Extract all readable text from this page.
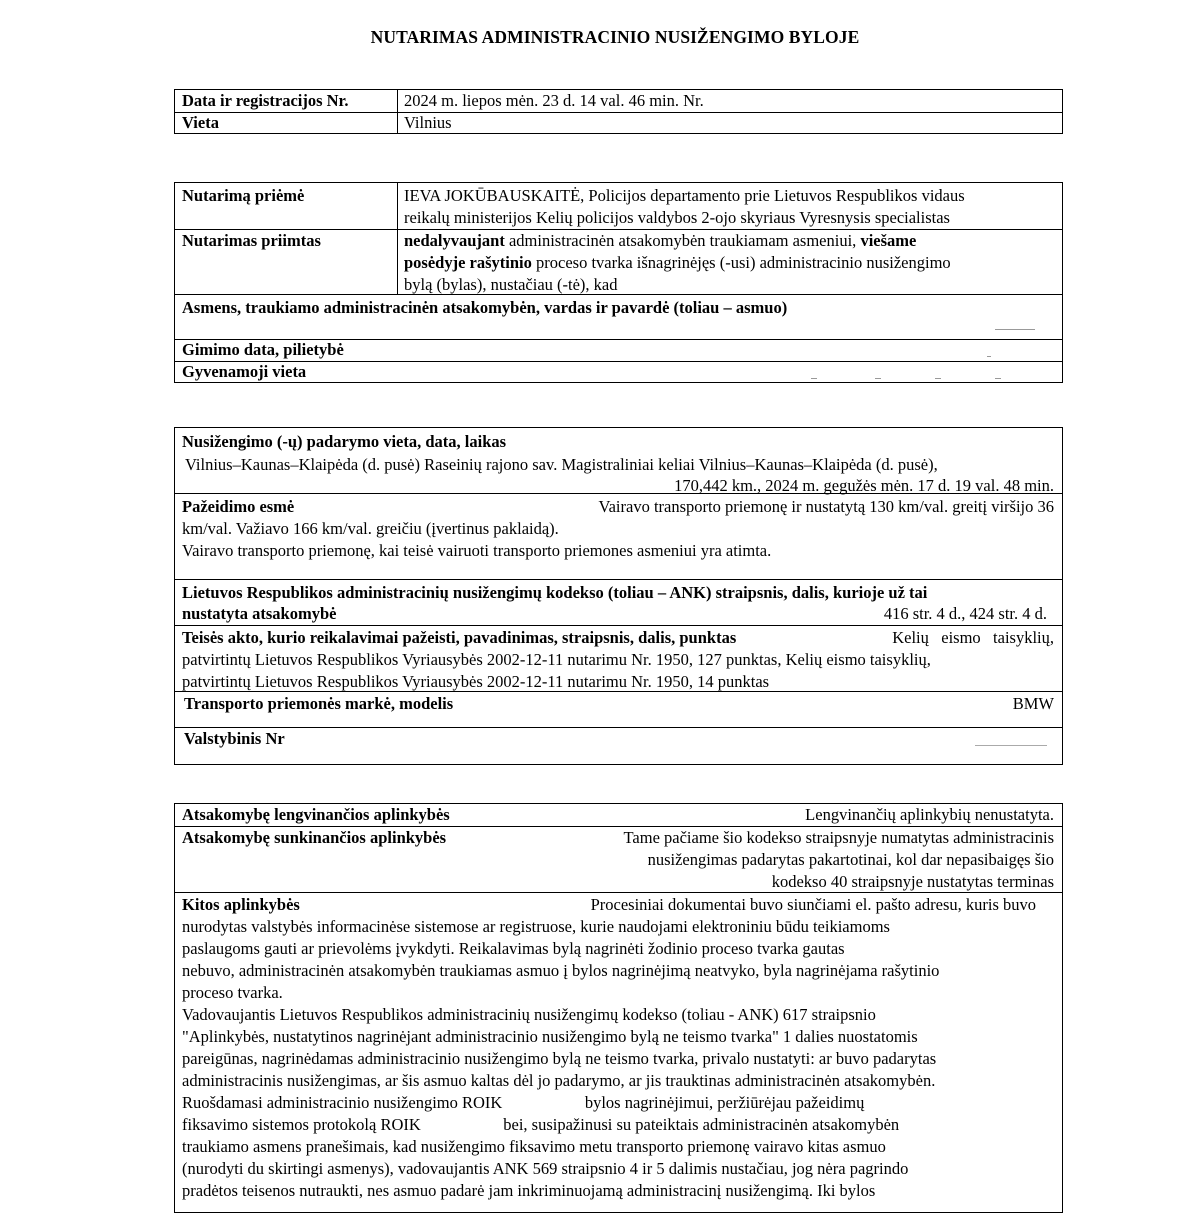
NUTARIMAS ADMINISTRACINIO NUSIŽENGIMO BYLOJE
Data ir registracijos Nr.	2024 m. liepos mėn. 23 d. 14 val. 46 min. Nr.
Vieta	Vilnius
Nutarimą priėmė	IEVA JOKŪBAUSKAITĖ, Policijos departamento prie Lietuvos Respublikos vidaus
reikalų ministerijos Kelių policijos valdybos 2-ojo skyriaus Vyresnysis specialistas
Nutarimas priimtas	nedalyvaujant administracinėn atsakomybėn traukiamam asmeniui, viešame
posėdyje rašytinio proceso tvarka išnagrinėjęs (-usi) administracinio nusižengimo
bylą (bylas), nustačiau (-tė), kad
Asmens, traukiamo administracinėn atsakomybėn, vardas ir pavardė (toliau – asmuo)
Gimimo data, pilietybė
Gyvenamoji vieta
Nusižengimo (-ų) padarymo vieta, data, laikas
Vilnius–Kaunas–Klaipėda (d. pusė) Raseinių rajono sav. Magistraliniai keliai Vilnius–Kaunas–Klaipėda (d. pusė),
170,442 km., 2024 m. gegužės mėn. 17 d. 19 val. 48 min.
Pažeidimo esmė	Vairavo transporto priemonę ir nustatytą 130 km/val. greitį viršijo 36
km/val. Važiavo 166 km/val. greičiu (įvertinus paklaidą).
Vairavo transporto priemonę, kai teisė vairuoti transporto priemones asmeniui yra atimta.
Lietuvos Respublikos administracinių nusižengimų kodekso (toliau – ANK) straipsnis, dalis, kurioje už tai
nustatyta atsakomybė	416 str. 4 d., 424 str. 4 d.
Teisės akto, kurio reikalavimai pažeisti, pavadinimas, straipsnis, dalis, punktas	Kelių   eismo   taisyklių,
patvirtintų Lietuvos Respublikos Vyriausybės 2002-12-11 nutarimu Nr. 1950, 127 punktas, Kelių eismo taisyklių,
patvirtintų Lietuvos Respublikos Vyriausybės 2002-12-11 nutarimu Nr. 1950, 14 punktas
Transporto priemonės markė, modelis	BMW
Valstybinis Nr
Atsakomybę lengvinančios aplinkybės	Lengvinančių aplinkybių nenustatyta.
Atsakomybę sunkinančios aplinkybės	Tame pačiame šio kodekso straipsnyje numatytas administracinis
nusižengimas padarytas pakartotinai, kol dar nepasibaigęs šio
kodekso 40 straipsnyje nustatytas terminas
Kitos aplinkybės	Procesiniai dokumentai buvo siunčiami el. pašto adresu, kuris buvo
nurodytas valstybės informacinėse sistemose ar registruose, kurie naudojami elektroniniu būdu teikiamoms
paslaugoms gauti ar prievolėms įvykdyti. Reikalavimas bylą nagrinėti žodinio proceso tvarka gautas
nebuvo, administracinėn atsakomybėn traukiamas asmuo į bylos nagrinėjimą neatvyko, byla nagrinėjama rašytinio
proceso tvarka.
Vadovaujantis Lietuvos Respublikos administracinių nusižengimų kodekso (toliau - ANK) 617 straipsnio
"Aplinkybės, nustatytinos nagrinėjant administracinio nusižengimo bylą ne teismo tvarka" 1 dalies nuostatomis
pareigūnas, nagrinėdamas administracinio nusižengimo bylą ne teismo tvarka, privalo nustatyti: ar buvo padarytas
administracinis nusižengimas, ar šis asmuo kaltas dėl jo padarymo, ar jis trauktinas administracinėn atsakomybėn.
Ruošdamasi administracinio nusižengimo ROIK                    bylos nagrinėjimui, peržiūrėjau pažeidimų
fiksavimo sistemos protokolą ROIK                    bei, susipažinusi su pateiktais administracinėn atsakomybėn
traukiamo asmens pranešimais, kad nusižengimo fiksavimo metu transporto priemonę vairavo kitas asmuo
(nurodyti du skirtingi asmenys), vadovaujantis ANK 569 straipsnio 4 ir 5 dalimis nustačiau, jog nėra pagrindo
pradėtos teisenos nutraukti, nes asmuo padarė jam inkriminuojamą administracinį nusižengimą. Iki bylos
